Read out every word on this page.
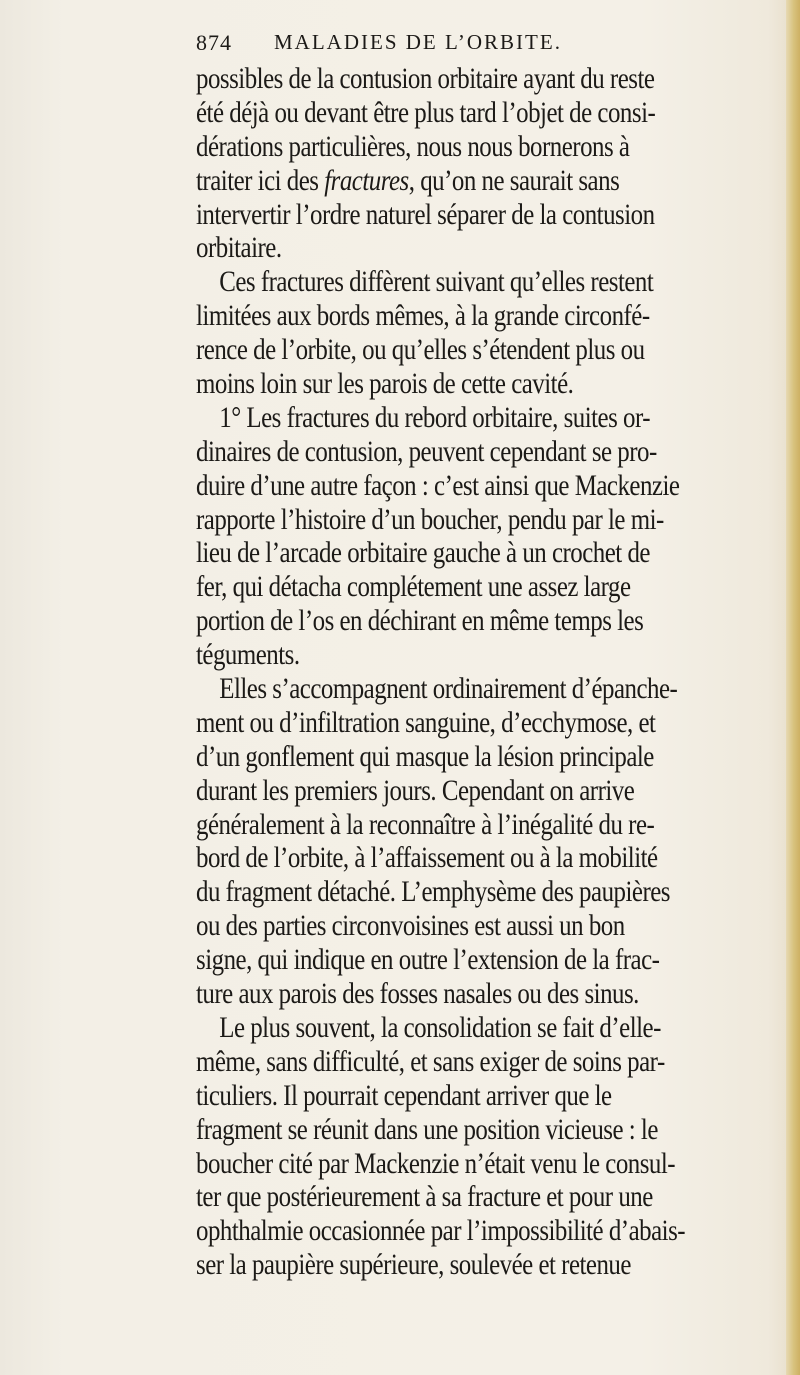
874 MALADIES DE L’ORBITE.
possibles de la contusion orbitaire ayant du reste
été déjà ou devant être plus tard l’objet de consi-
dérations particulières, nous nous bornerons à
traiter ici des fractures, qu’on ne saurait sans
intervertir l’ordre naturel séparer de la contusion
orbitaire.
Ces fractures diffèrent suivant qu’elles restent
limitées aux bords mêmes, à la grande circonfé-
rence de l’orbite, ou qu’elles s’étendent plus ou
moins loin sur les parois de cette cavité.
1° Les fractures du rebord orbitaire, suites or-
dinaires de contusion, peuvent cependant se pro-
duire d’une autre façon : c’est ainsi que Mackenzie
rapporte l’histoire d’un boucher, pendu par le mi-
lieu de l’arcade orbitaire gauche à un crochet de
fer, qui détacha complétement une assez large
portion de l’os en déchirant en même temps les
téguments.
Elles s’accompagnent ordinairement d’épanche-
ment ou d’infiltration sanguine, d’ecchymose, et
d’un gonflement qui masque la lésion principale
durant les premiers jours. Cependant on arrive
généralement à la reconnaître à l’inégalité du re-
bord de l’orbite, à l’affaissement ou à la mobilité
du fragment détaché. L’emphysème des paupières
ou des parties circonvoisines est aussi un bon
signe, qui indique en outre l’extension de la frac-
ture aux parois des fosses nasales ou des sinus.
Le plus souvent, la consolidation se fait d’elle-
même, sans difficulté, et sans exiger de soins par-
ticuliers. Il pourrait cependant arriver que le
fragment se réunit dans une position vicieuse : le
boucher cité par Mackenzie n’était venu le consul-
ter que postérieurement à sa fracture et pour une
ophthalmie occasionnée par l’impossibilité d’abais-
ser la paupière supérieure, soulevée et retenue
